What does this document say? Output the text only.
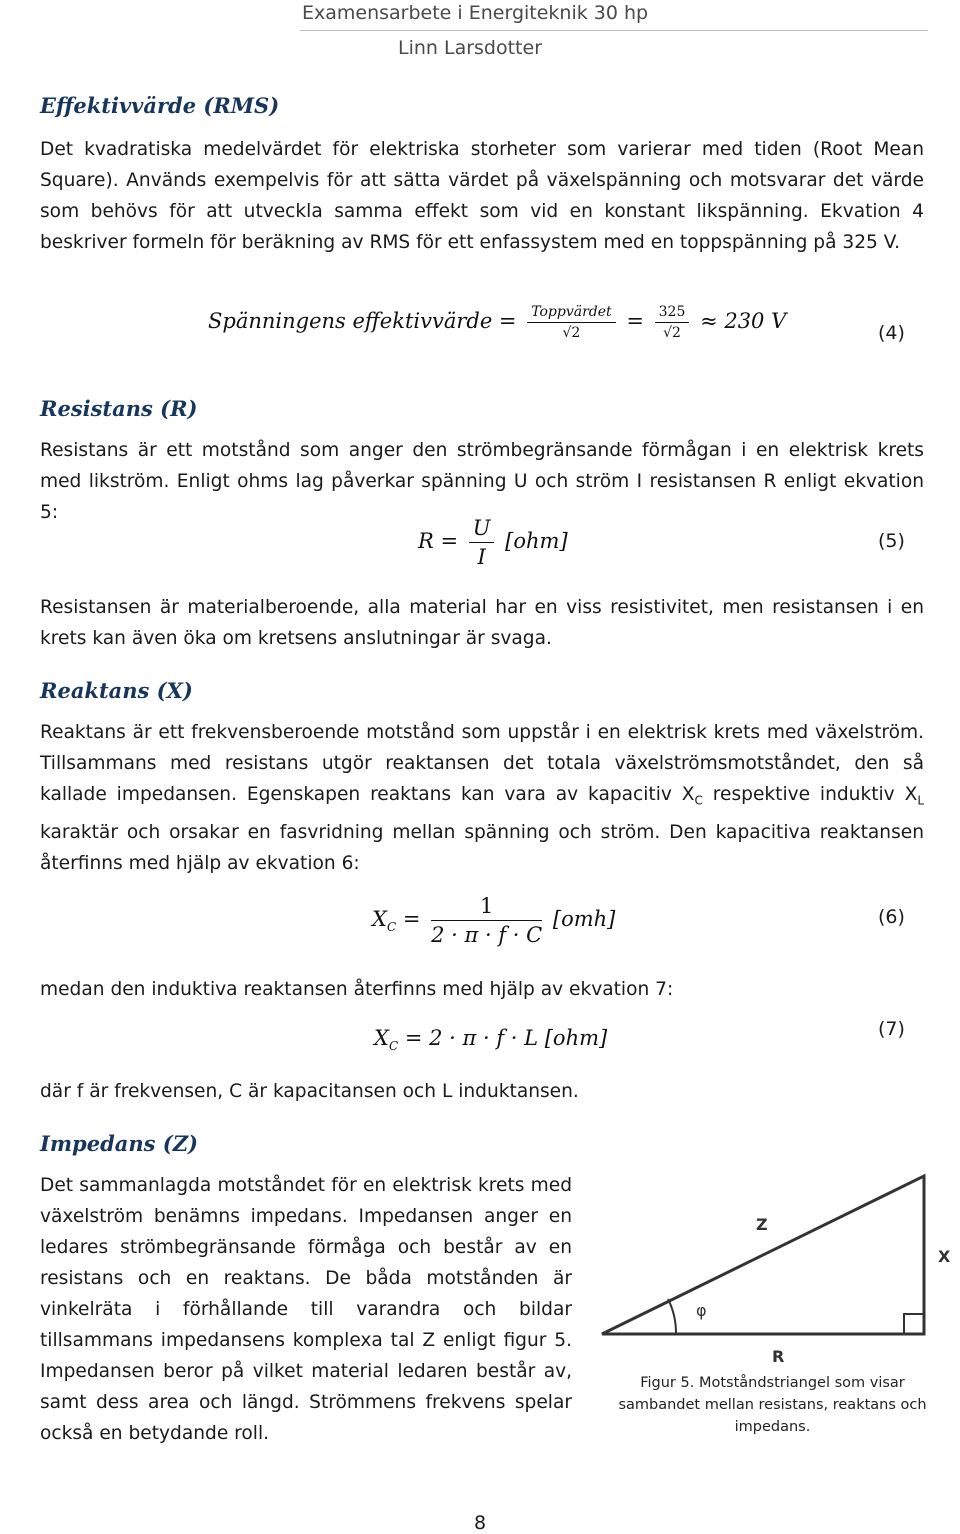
Examensarbete i Energiteknik 30 hp
Linn Larsdotter
Effektivvärde (RMS)
Det kvadratiska medelvärdet för elektriska storheter som varierar med tiden (Root Mean Square). Används exempelvis för att sätta värdet på växelspänning och motsvarar det värde som behövs för att utveckla samma effekt som vid en konstant likspänning. Ekvation 4 beskriver formeln för beräkning av RMS för ett enfassystem med en toppspänning på 325 V.
Spänningens effektivvärde = $\frac{\text{Toppvärdet}}{√2} = \frac{325}{√2} \approx 230$ V	(4)
Resistans (R)
Resistans är ett motstånd som anger den strömbegränsande förmågan i en elektrisk krets med likström. Enligt ohms lag påverkar spänning U och ström I resistansen R enligt ekvation 5:
$R = \frac{U}{I} [ohm]$	(5)
Resistansen är materialberoende, alla material har en viss resistivitet, men resistansen i en krets kan även öka om kretsens anslutningar är svaga.
Reaktans (X)
Reaktans är ett frekvensberoende motstånd som uppstår i en elektrisk krets med växelström. Tillsammans med resistans utgör reaktansen det totala växelströmsmotståndet, den så kallade impedansen. Egenskapen reaktans kan vara av kapacitiv $X_C$ respektive induktiv $X_L$ karaktär och orsakar en fasvridning mellan spänning och ström. Den kapacitiva reaktansen återfinns med hjälp av ekvation 6:
$X_C = \frac{1}{2 \cdot \pi \cdot f \cdot C} [omh]$	(6)
medan den induktiva reaktansen återfinns med hjälp av ekvation 7:
$X_C = 2 \cdot \pi \cdot f \cdot L$ [ohm]	(7)
där f är frekvensen, C är kapacitansen och L induktansen.
Impedans (Z)
Det sammanlagda motståndet för en elektrisk krets med växelström benämns impedans. Impedansen anger en ledares strömbegränsande förmåga och består av en resistans och en reaktans. De båda motstånden är vinkelräta i förhållande till varandra och bildar tillsammans impedansens komplexa tal Z enligt figur 5. Impedansen beror på vilket material ledaren består av, samt dess area och längd. Strömmens frekvens spelar också en betydande roll.
Z
φ
X
R
Figur 5. Motståndstriangel som visar sambandet mellan resistans, reaktans och impedans.
8
